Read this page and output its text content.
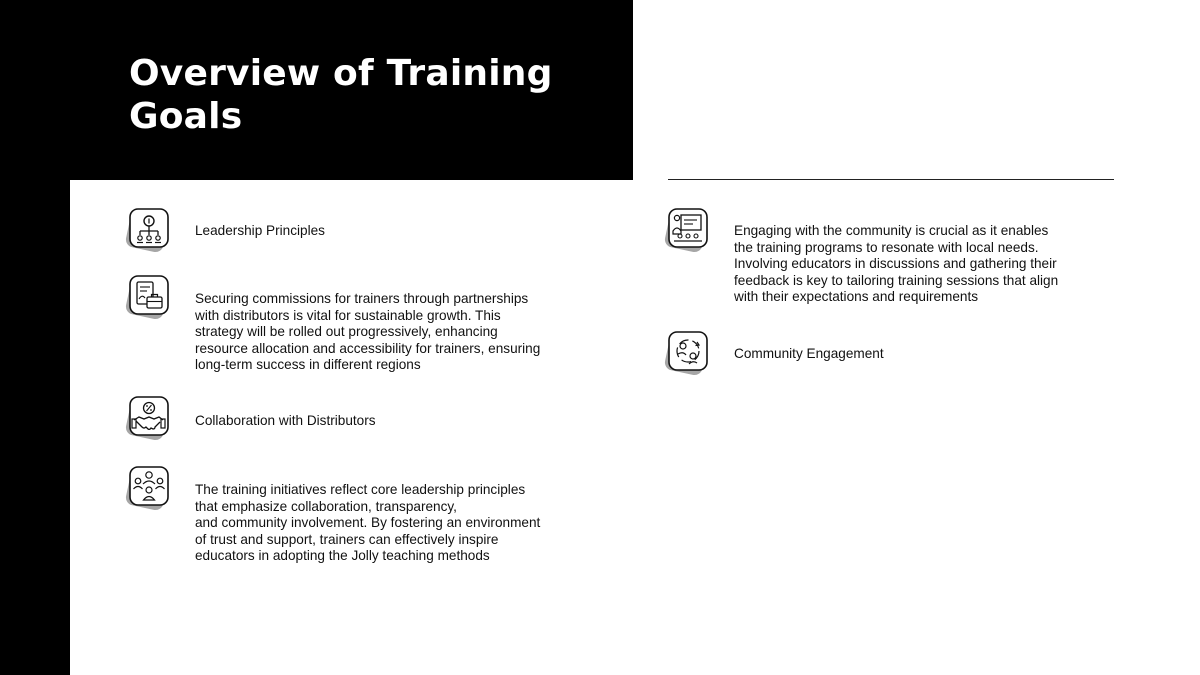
Overview of Training Goals

Leadership Principles

Securing commissions for trainers through partnerships
with distributors is vital for sustainable growth. This
strategy will be rolled out progressively, enhancing
resource allocation and accessibility for trainers, ensuring
long-term success in different regions

Collaboration with Distributors

The training initiatives reflect core leadership principles
that emphasize collaboration, transparency,
and community involvement. By fostering an environment
of trust and support, trainers can effectively inspire
educators in adopting the Jolly teaching methods

Engaging with the community is crucial as it enables
the training programs to resonate with local needs.
Involving educators in discussions and gathering their
feedback is key to tailoring training sessions that align
with their expectations and requirements

Community Engagement
